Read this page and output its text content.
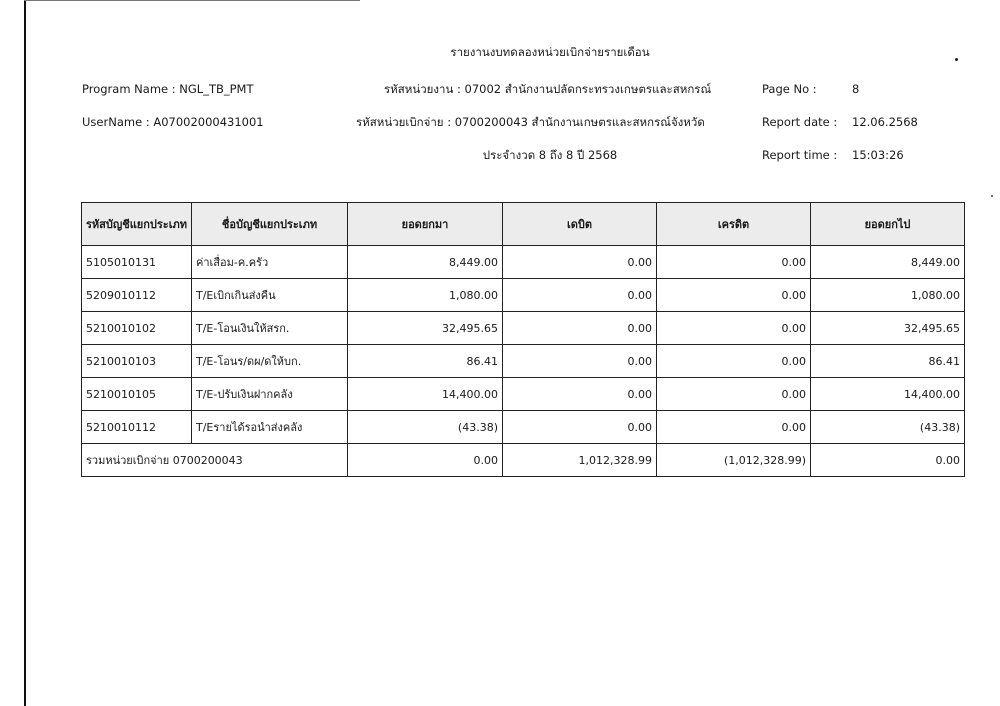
รายงานงบทดลองหน่วยเบิกจ่ายรายเดือน
Program Name : NGL_TB_PMT
UserName : A07002000431001
รหัสหน่วยงาน : 07002 สำนักงานปลัดกระทรวงเกษตรและสหกรณ์
รหัสหน่วยเบิกจ่าย : 0700200043 สำนักงานเกษตรและสหกรณ์จังหวัด
ประจำงวด 8 ถึง 8 ปี 2568
Page No :	8
Report date : 12.06.2568
Report time : 15:03:26
รหัสบัญชีแยกประเภท	ชื่อบัญชีแยกประเภท	ยอดยกมา	เดบิต	เครดิต	ยอดยกไป
5105010131	ค่าเสื่อม-ค.ครัว	8,449.00	0.00	0.00	8,449.00
5209010112	T/Eเบิกเกินส่งคืน	1,080.00	0.00	0.00	1,080.00
5210010102	T/E-โอนเงินให้สรก.	32,495.65	0.00	0.00	32,495.65
5210010103	T/E-โอนร/ดผ/ดให้บก.	86.41	0.00	0.00	86.41
5210010105	T/E-ปรับเงินฝากคลัง	14,400.00	0.00	0.00	14,400.00
5210010112	T/Eรายได้รอนำส่งคลัง	(43.38)	0.00	0.00	(43.38)
รวมหน่วยเบิกจ่าย 0700200043		0.00	1,012,328.99	(1,012,328.99)	0.00
